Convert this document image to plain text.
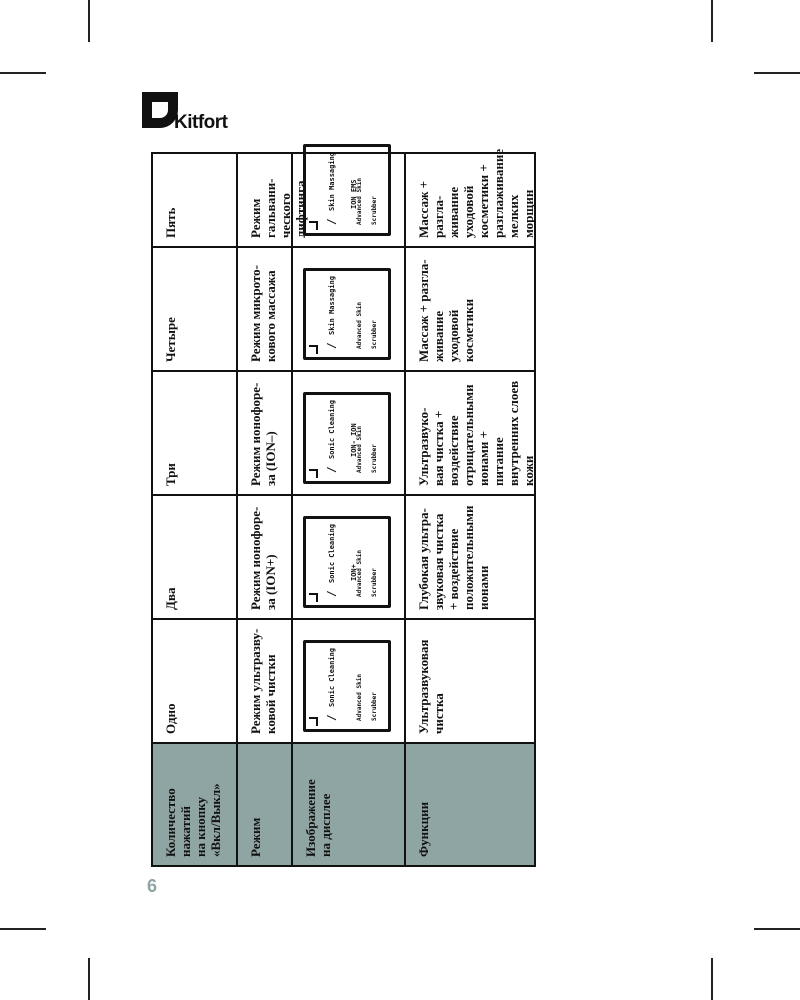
Kitfort
Количество
нажатий
на кнопку
«Вкл/Выкл»
Одно
Два
Три
Четыре
Пять
Режим
Режим ультразву-
ковой чистки
Режим ионофоре-
за (ION+)
Режим ионофоре-
за (ION–)
Режим микрото-
кового массажа
Режим гальвани-
ческого лифтинга
Изображение
на дисплее
∕
Sonic Cleaning	Advanced Skin Scrubber
∕
Sonic Cleaning ION+
Advanced Skin Scrubber
∕
Sonic Cleaning ION- ION
Advanced Skin Scrubber
∕
Skin Massaging	Advanced Skin Scrubber
∕
Skin Massaging ION EMS
Advanced Skin Scrubber
Функции
Ультразвуковая
чистка
Глубокая ультра-
звуковая чистка
+ воздействие
положительными
ионами
Ультразвуко-
вая чистка +
воздействие
отрицательными
ионами + питание
внутренних слоев
кожи
Массаж + разгла-
живание уходовой
косметики
Массаж + разгла-
живание уходовой
косметики +
разглаживание
мелких морщин
6
